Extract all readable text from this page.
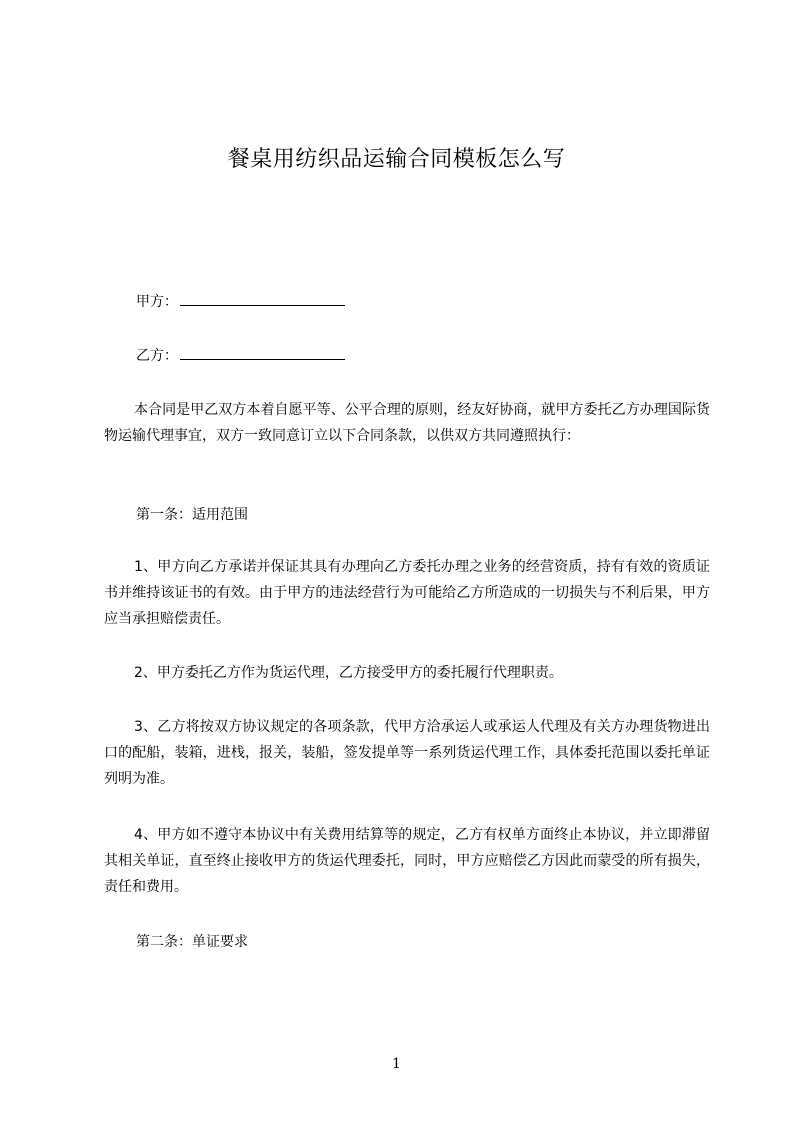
餐桌用纺织品运输合同模板怎么写
甲方：
乙方：

本合同是甲乙双方本着自愿平等、公平合理的原则，经友好协商，就甲方委托乙方办理国际货物运输代理事宜，双方一致同意订立以下合同条款，以供双方共同遵照执行：

第一条：适用范围

1、甲方向乙方承诺并保证其具有办理向乙方委托办理之业务的经营资质，持有有效的资质证书并维持该证书的有效。由于甲方的违法经营行为可能给乙方所造成的一切损失与不利后果，甲方应当承担赔偿责任。

2、甲方委托乙方作为货运代理，乙方接受甲方的委托履行代理职责。

3、乙方将按双方协议规定的各项条款，代甲方洽承运人或承运人代理及有关方办理货物进出口的配船，装箱，进栈，报关，装船，签发提单等一系列货运代理工作，具体委托范围以委托单证列明为准。

4、甲方如不遵守本协议中有关费用结算等的规定，乙方有权单方面终止本协议，并立即滞留其相关单证，直至终止接收甲方的货运代理委托，同时，甲方应赔偿乙方因此而蒙受的所有损失，责任和费用。

第二条：单证要求
1
